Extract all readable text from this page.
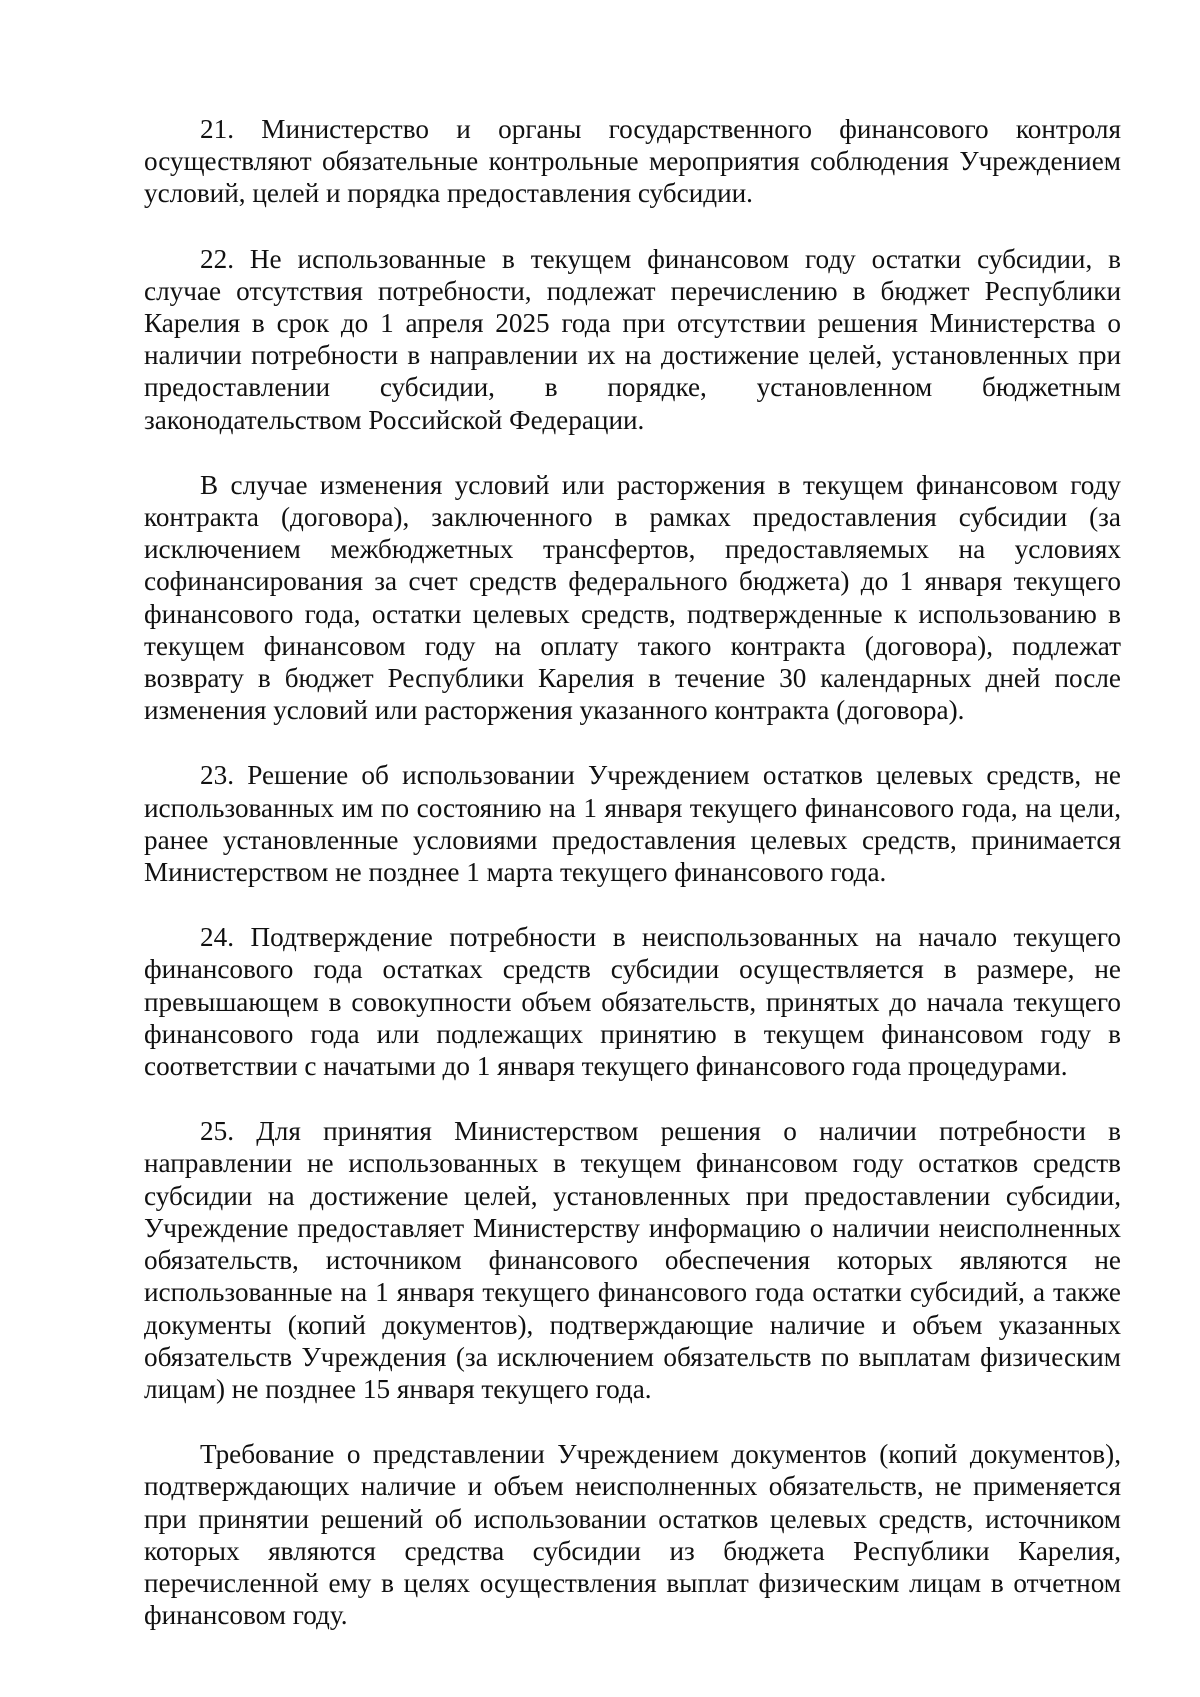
21. Министерство и органы государственного финансового контроля осуществляют обязательные контрольные мероприятия соблюдения Учреждением условий, целей и порядка предоставления субсидии.

22. Не использованные в текущем финансовом году остатки субсидии, в случае отсутствия потребности, подлежат перечислению в бюджет Республики Карелия в срок до 1 апреля 2025 года при отсутствии решения Министерства о наличии потребности в направлении их на достижение целей, установленных при предоставлении субсидии, в порядке, установленном бюджетным законодательством Российской Федерации.

В случае изменения условий или расторжения в текущем финансовом году контракта (договора), заключенного в рамках предоставления субсидии (за исключением межбюджетных трансфертов, предоставляемых на условиях софинансирования за счет средств федерального бюджета) до 1 января текущего финансового года, остатки целевых средств, подтвержденные к использованию в текущем финансовом году на оплату такого контракта (договора), подлежат возврату в бюджет Республики Карелия в течение 30 календарных дней после изменения условий или расторжения указанного контракта (договора).

23. Решение об использовании Учреждением остатков целевых средств, не использованных им по состоянию на 1 января текущего финансового года, на цели, ранее установленные условиями предоставления целевых средств, принимается Министерством не позднее 1 марта текущего финансового года.

24. Подтверждение потребности в неиспользованных на начало текущего финансового года остатках средств субсидии осуществляется в размере, не превышающем в совокупности объем обязательств, принятых до начала текущего финансового года или подлежащих принятию в текущем финансовом году в соответствии с начатыми до 1 января текущего финансового года процедурами.

25. Для принятия Министерством решения о наличии потребности в направлении не использованных в текущем финансовом году остатков средств субсидии на достижение целей, установленных при предоставлении субсидии, Учреждение предоставляет Министерству информацию о наличии неисполненных обязательств, источником финансового обеспечения которых являются не использованные на 1 января текущего финансового года остатки субсидий, а также документы (копий документов), подтверждающие наличие и объем указанных обязательств Учреждения (за исключением обязательств по выплатам физическим лицам) не позднее 15 января текущего года.

Требование о представлении Учреждением документов (копий документов), подтверждающих наличие и объем неисполненных обязательств, не применяется при принятии решений об использовании остатков целевых средств, источником которых являются средства субсидии из бюджета Республики Карелия, перечисленной ему в целях осуществления выплат физическим лицам в отчетном финансовом году.
